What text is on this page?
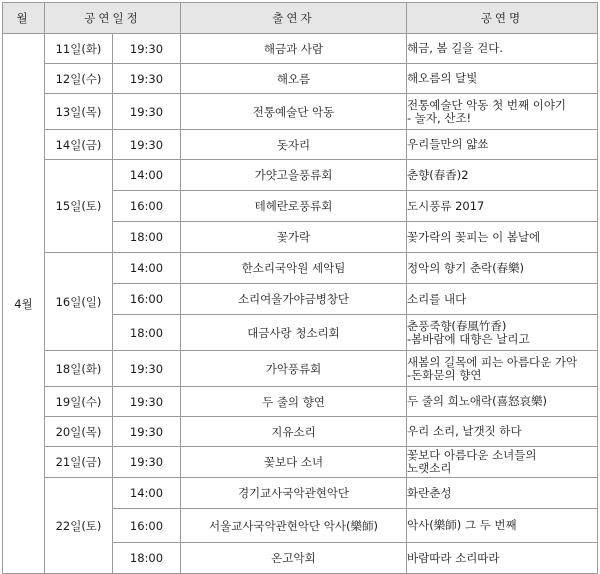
월	공연일정		출연자	공연명
4월	11일(화)	19:30	해금과 사람	해금, 봄 길을 걷다.

	12일(수)	19:30	해오름	해오름의 달빛

	13일(목)	19:30	전통예술단 악동	전통예술단 악동 첫 번째 이야기
- 놀자, 산조!

	14일(금)	19:30	돗자리	우리들만의 얇쑈

	15일(토)	14:00	가얏고을풍류회	춘향(春香)2

		16:00	테헤란로풍류회	도시풍류 2017

		18:00	꽃가락	꽃가락의 꽃피는 이 봄날에

	16일(일)	14:00	한소리국악원 세악팀	정악의 향기 춘락(春樂)

		16:00	소리여울가야금병창단	소리를 내다

		18:00	대금사랑 청소리회	춘풍죽향(春風竹香)
-봄바람에 대향은 날리고

	18일(화)	19:30	가악풍류회	새봄의 길목에 피는 아름다운 가악
-돈화문의 향연

	19일(수)	19:30	두 줄의 향연	두 줄의 희노애락(喜怒哀樂)

	20일(목)	19:30	지유소리	우리 소리, 날갯짓 하다

	21일(금)	19:30	꽃보다 소녀	꽃보다 아름다운 소녀들의
노랫소리

	22일(토)	14:00	경기교사국악관현악단	화란춘성

		16:00	서울교사국악관현악단 악사(樂師)	악사(樂師) 그 두 번째

		18:00	온고악회	바람따라 소리따라
